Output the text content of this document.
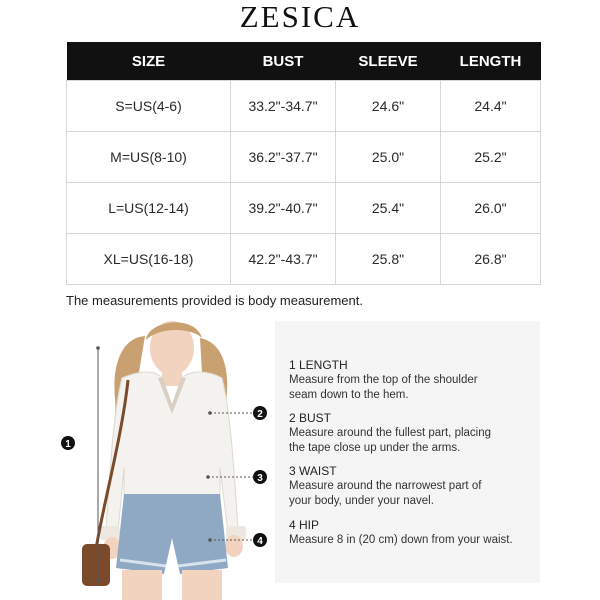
ZESICA
SIZE	BUST	SLEEVE	LENGTH
S=US(4-6)	33.2"-34.7"	24.6"	24.4"
M=US(8-10)	36.2"-37.7"	25.0"	25.2"
L=US(12-14)	39.2"-40.7"	25.4"	26.0"
XL=US(16-18)	42.2"-43.7"	25.8"	26.8"
The measurements provided is body measurement.
1
2
3
4
1 LENGTH
Measure from the top of the shoulder
seam down to the hem.
2 BUST
Measure around the fullest part, placing
the tape close up under the arms.
3 WAIST
Measure around the narrowest part of
your body, under your navel.
4 HIP
Measure 8 in (20 cm) down from your waist.
